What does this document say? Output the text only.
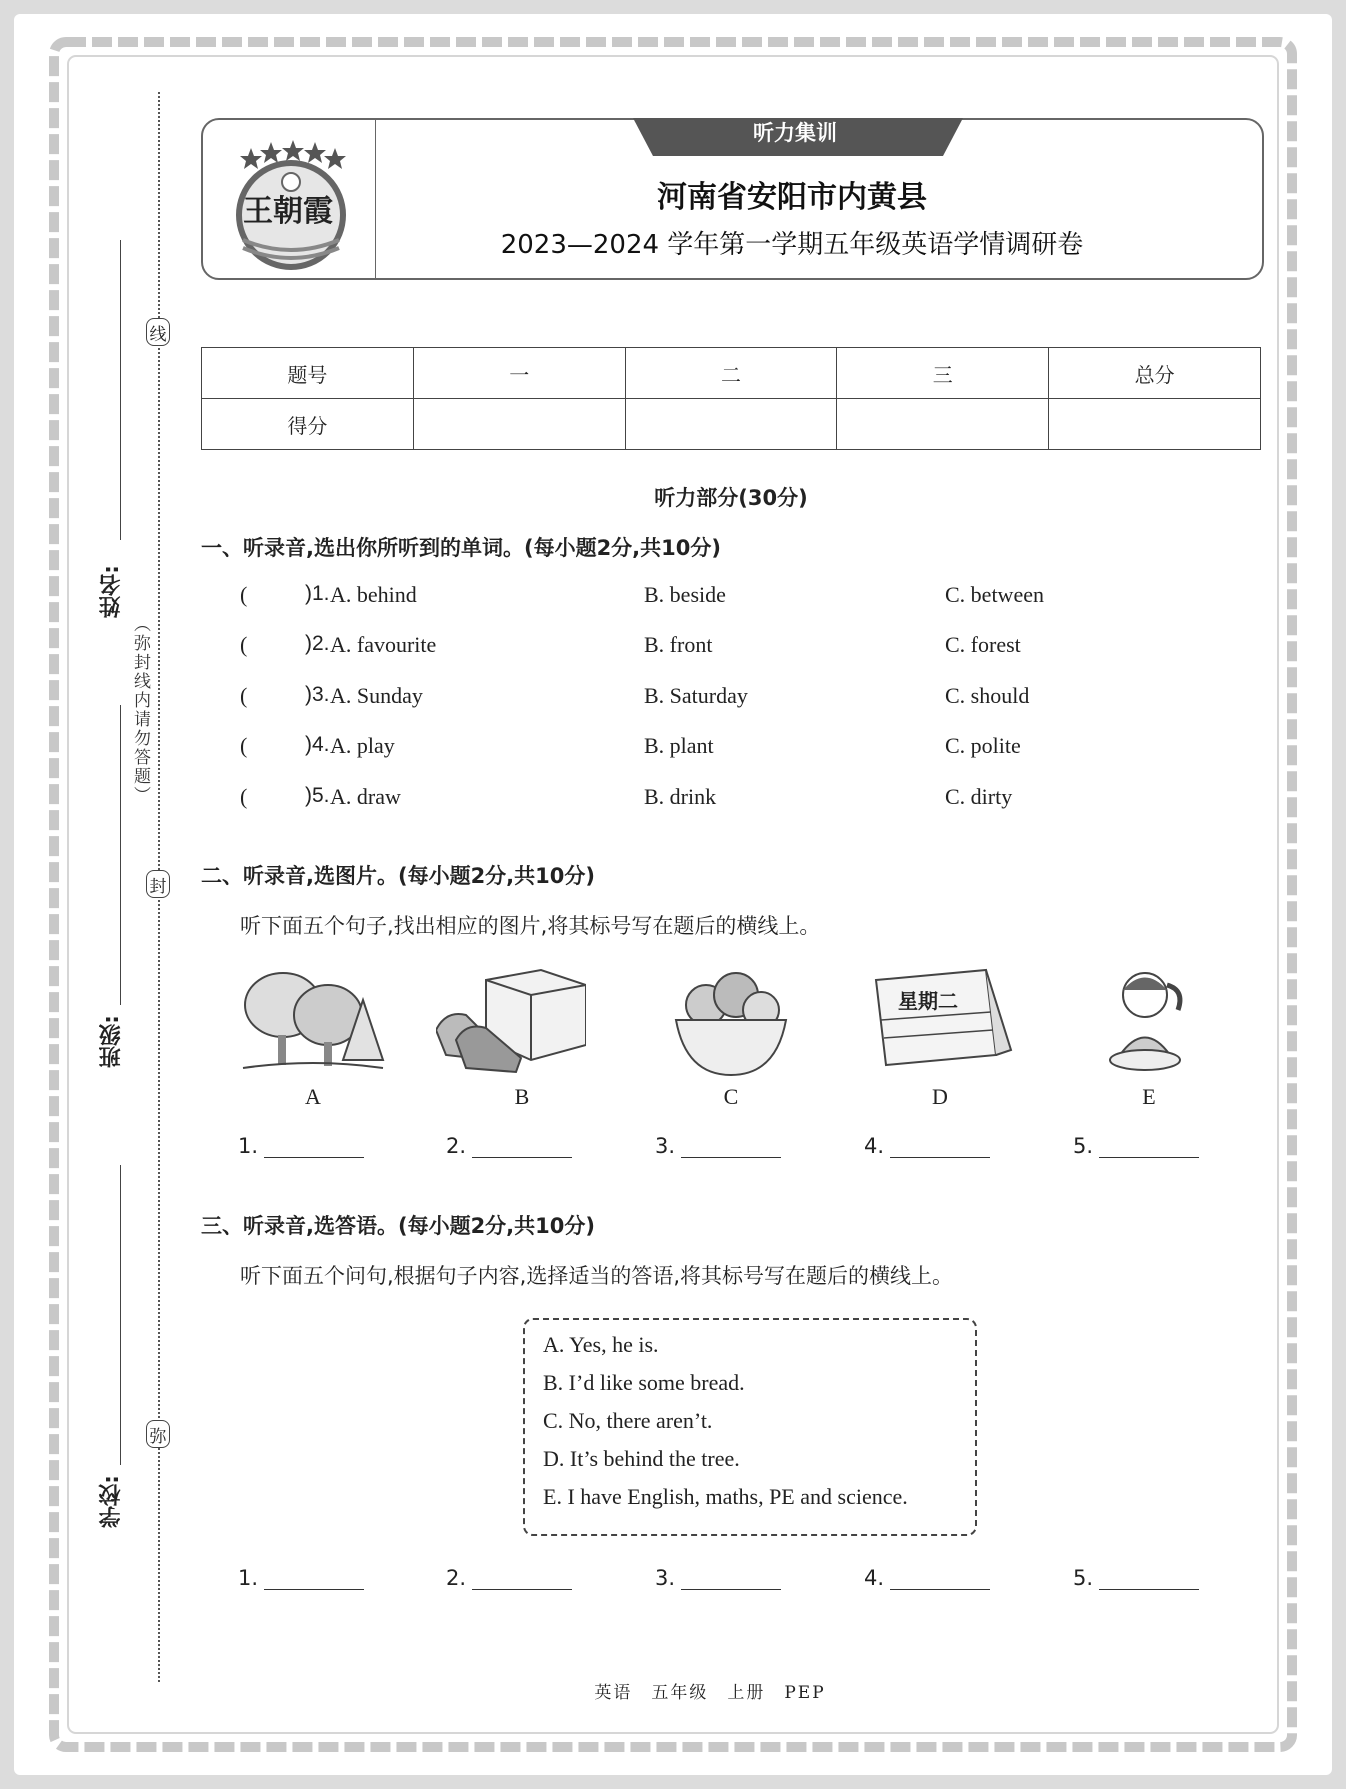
线
封
弥
姓名:
（弥封线内请勿答题）
班级:
学校:
王朝霞
听力集训
河南省安阳市内黄县
2023—2024 学年第一学期五年级英语学情调研卷
题号	一	二	三	总分
得分				
听力部分(30分)
一、听录音,选出你所听到的单词。(每小题2分,共10分)
(	)1. A. behind	B. beside	C. between
(	)2. A. favourite	B. front	C. forest
(	)3. A. Sunday	B. Saturday	C. should
(	)4. A. play	B. plant	C. polite
(	)5. A. draw	B. drink	C. dirty
二、听录音,选图片。(每小题2分,共10分)
听下面五个句子,找出相应的图片,将其标号写在题后的横线上。
星期二
A	B	C	D	E
1.	2.	3.	4.	5.
三、听录音,选答语。(每小题2分,共10分)
听下面五个问句,根据句子内容,选择适当的答语,将其标号写在题后的横线上。
A. Yes, he is.
B. I’d like some bread.
C. No, there aren’t.
D. It’s behind the tree.
E. I have English, maths, PE and science.
1.	2.	3.	4.	5.
英语　五年级　上册　PEP
